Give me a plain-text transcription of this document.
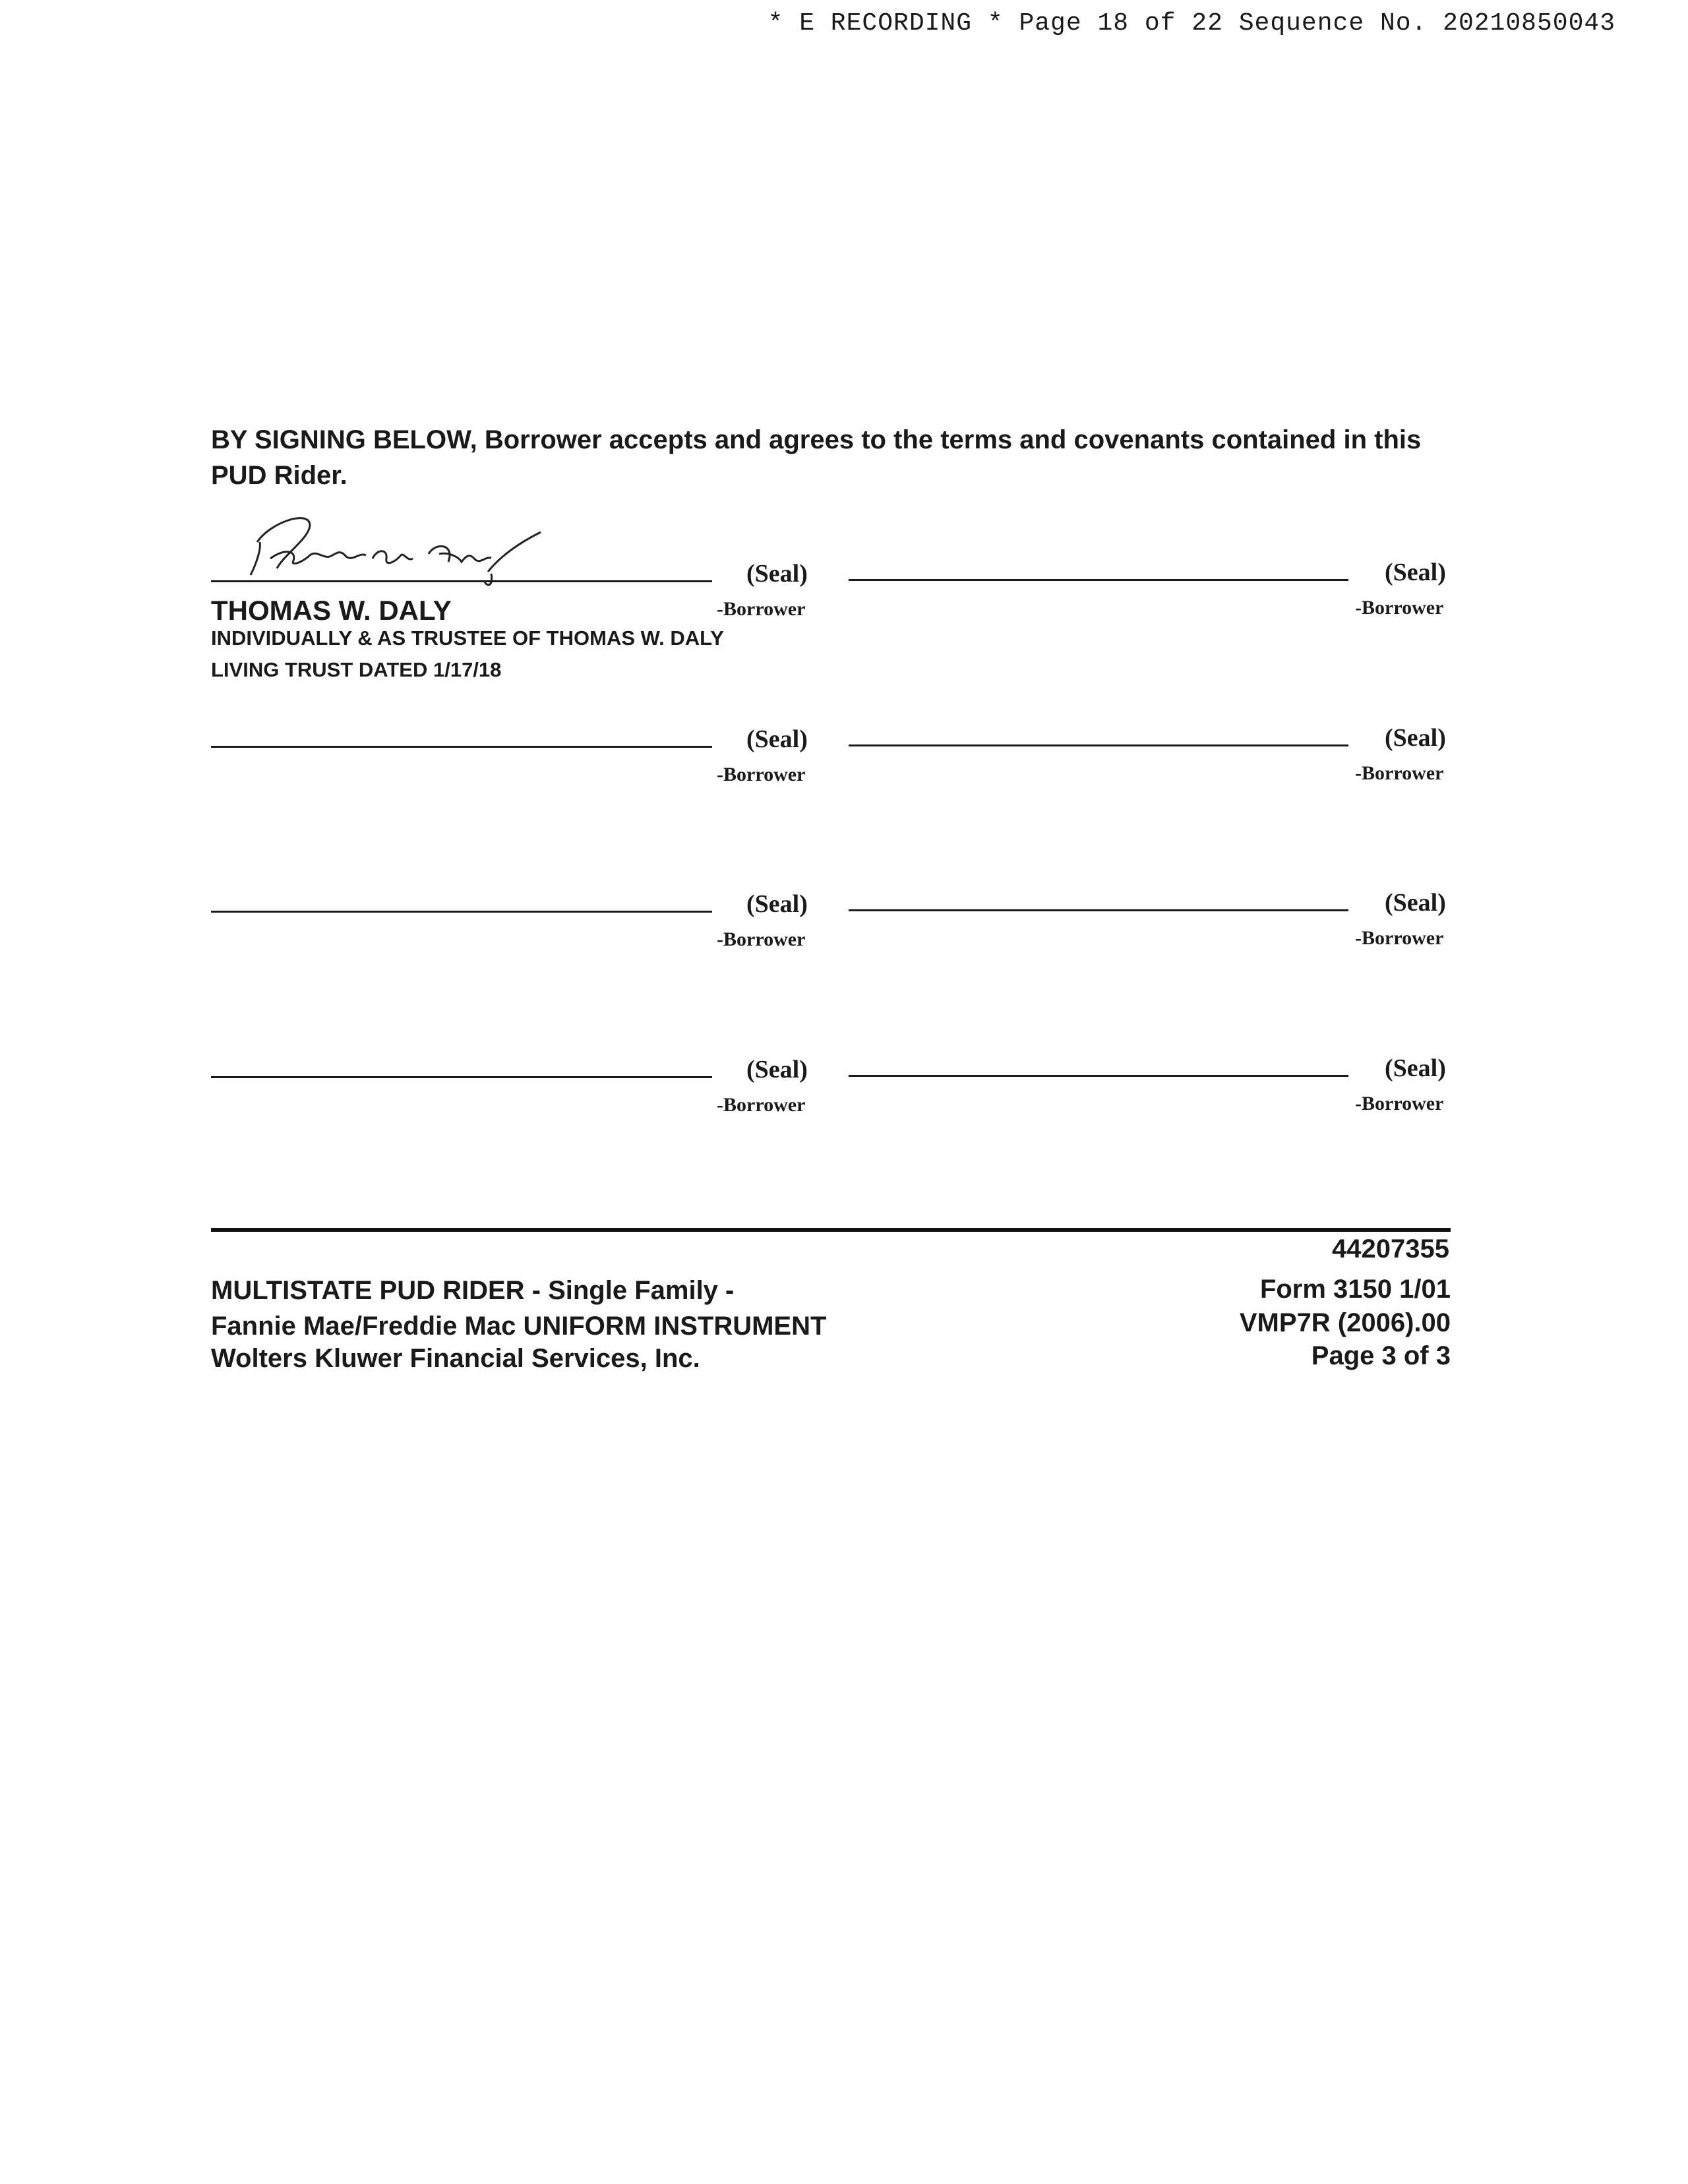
* E RECORDING * Page 18 of 22 Sequence No. 20210850043
BY SIGNING BELOW, Borrower accepts and agrees to the terms and covenants contained in this PUD Rider.
(Seal)
-Borrower
(Seal)
-Borrower
THOMAS W. DALY
INDIVIDUALLY & AS TRUSTEE OF THOMAS W. DALY
LIVING TRUST DATED 1/17/18
(Seal)
-Borrower
(Seal)
-Borrower
(Seal)
-Borrower
(Seal)
-Borrower
(Seal)
-Borrower
(Seal)
-Borrower
44207355
MULTISTATE PUD RIDER - Single Family -
Fannie Mae/Freddie Mac UNIFORM INSTRUMENT
Wolters Kluwer Financial Services, Inc.
Form 3150 1/01
VMP7R (2006).00
Page 3 of 3
